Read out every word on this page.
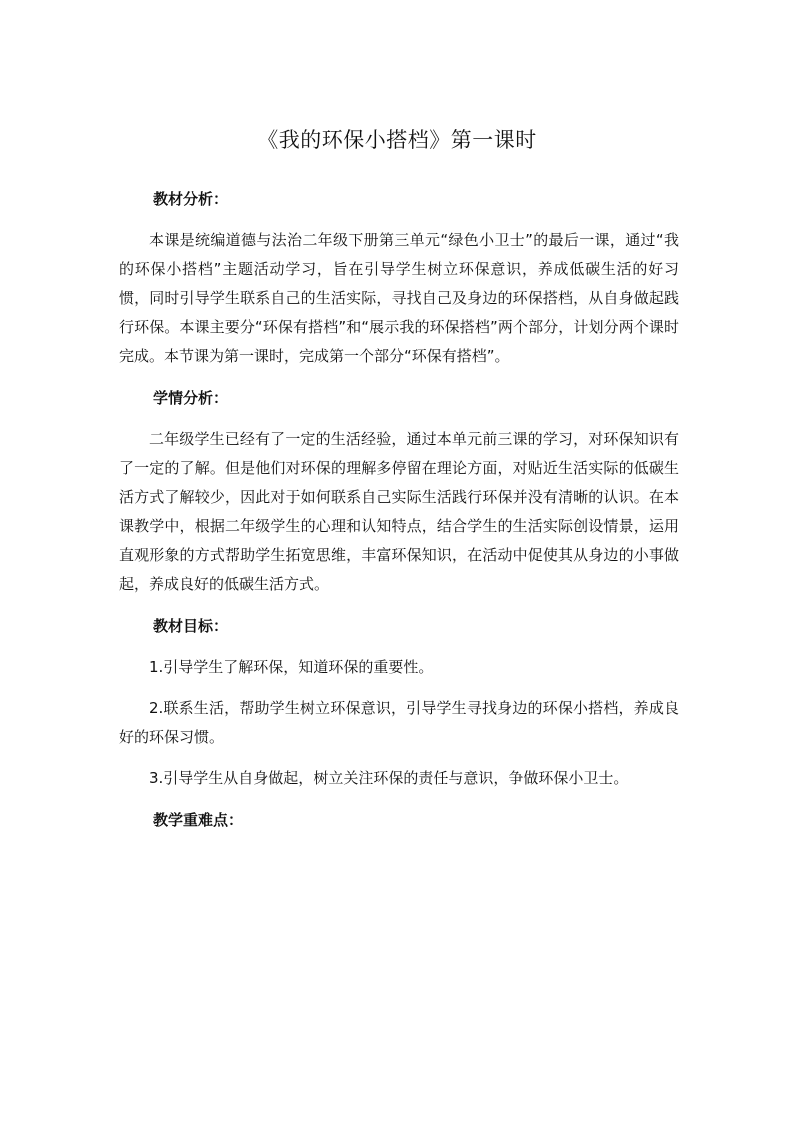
《我的环保小搭档》第一课时
教材分析：
本课是统编道德与法治二年级下册第三单元“绿色小卫士”的最后一课，通过“我的环保小搭档”主题活动学习，旨在引导学生树立环保意识，养成低碳生活的好习惯，同时引导学生联系自己的生活实际，寻找自己及身边的环保搭档，从自身做起践行环保。本课主要分“环保有搭档”和“展示我的环保搭档”两个部分，计划分两个课时完成。本节课为第一课时，完成第一个部分“环保有搭档”。
学情分析：
二年级学生已经有了一定的生活经验，通过本单元前三课的学习，对环保知识有了一定的了解。但是他们对环保的理解多停留在理论方面，对贴近生活实际的低碳生活方式了解较少，因此对于如何联系自己实际生活践行环保并没有清晰的认识。在本课教学中，根据二年级学生的心理和认知特点，结合学生的生活实际创设情景，运用直观形象的方式帮助学生拓宽思维，丰富环保知识，在活动中促使其从身边的小事做起，养成良好的低碳生活方式。
教材目标：
1.引导学生了解环保，知道环保的重要性。
2.联系生活，帮助学生树立环保意识，引导学生寻找身边的环保小搭档，养成良好的环保习惯。
3.引导学生从自身做起，树立关注环保的责任与意识，争做环保小卫士。
教学重难点：
